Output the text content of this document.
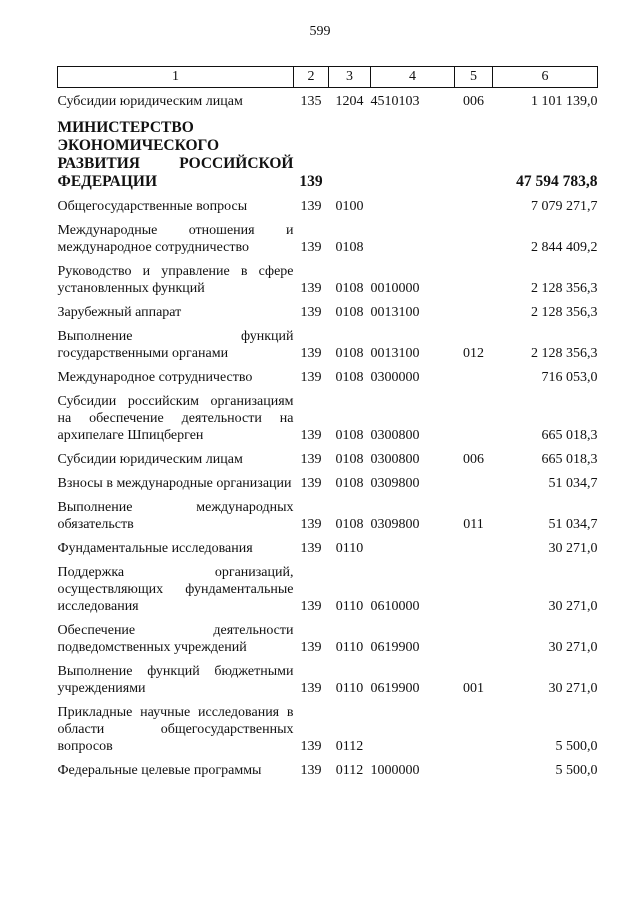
599
1	2	3	4	5	6
Субсидии юридическим лицам	135	1204	4510103	006	1 101 139,0
МИНИСТЕРСТВО ЭКОНОМИЧЕСКОГО РАЗВИТИЯ РОССИЙСКОЙ ФЕДЕРАЦИИ	139				47 594 783,8
Общегосударственные вопросы	139	0100			7 079 271,7
Международные отношения и международное сотрудничество	139	0108			2 844 409,2
Руководство и управление в сфере установленных функций	139	0108	0010000		2 128 356,3
Зарубежный аппарат	139	0108	0013100		2 128 356,3
Выполнение функций государственными органами	139	0108	0013100	012	2 128 356,3
Международное сотрудничество	139	0108	0300000		716 053,0
Субсидии российским организациям на обеспечение деятельности на архипелаге Шпицберген	139	0108	0300800		665 018,3
Субсидии юридическим лицам	139	0108	0300800	006	665 018,3
Взносы в международные организации	139	0108	0309800		51 034,7
Выполнение международных обязательств	139	0108	0309800	011	51 034,7
Фундаментальные исследования	139	0110			30 271,0
Поддержка организаций, осуществляющих фундаментальные исследования	139	0110	0610000		30 271,0
Обеспечение деятельности подведомственных учреждений	139	0110	0619900		30 271,0
Выполнение функций бюджетными учреждениями	139	0110	0619900	001	30 271,0
Прикладные научные исследования в области общегосударственных вопросов	139	0112			5 500,0
Федеральные целевые программы	139	0112	1000000		5 500,0
